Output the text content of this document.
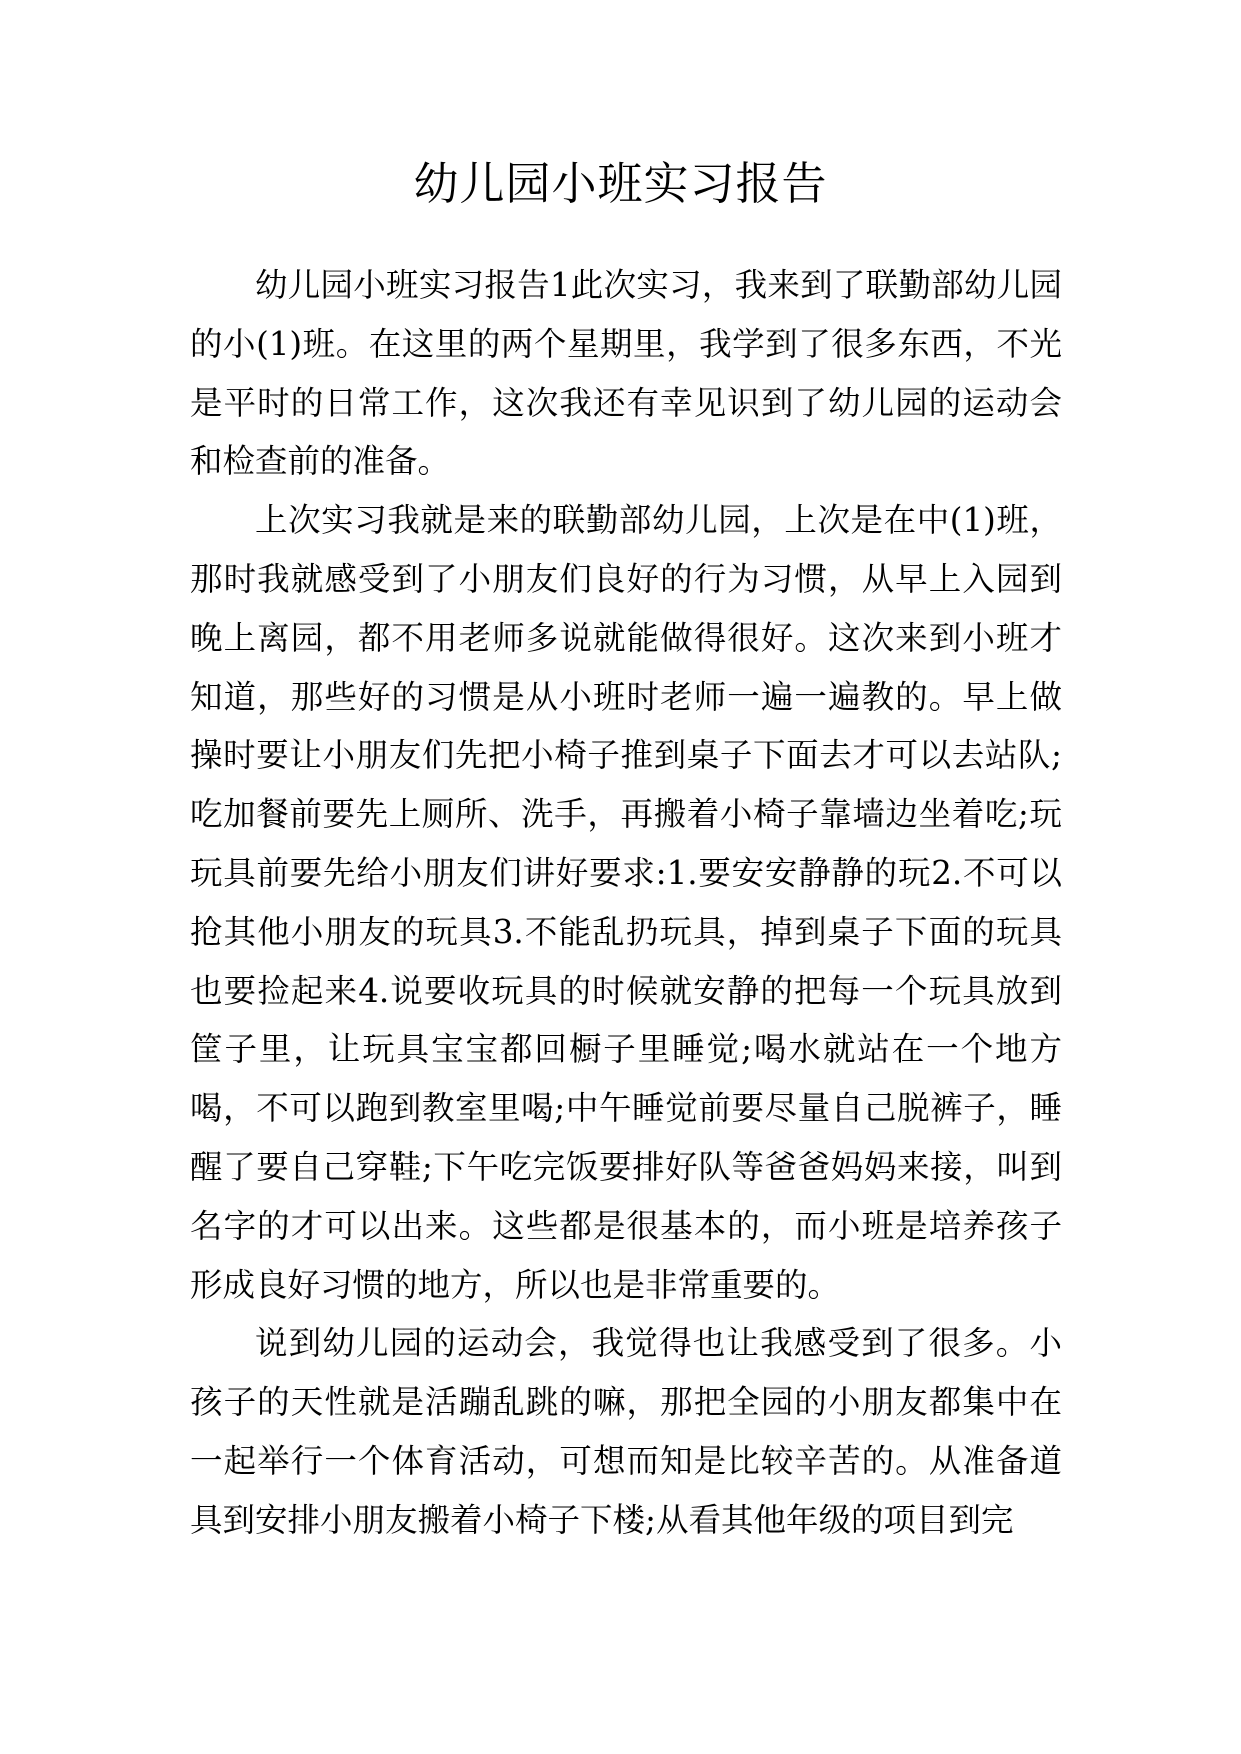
幼儿园小班实习报告

幼儿园小班实习报告1此次实习，我来到了联勤部幼儿园的小(1)班。在这里的两个星期里，我学到了很多东西，不光是平时的日常工作，这次我还有幸见识到了幼儿园的运动会和检查前的准备。

上次实习我就是来的联勤部幼儿园，上次是在中(1)班，那时我就感受到了小朋友们良好的行为习惯，从早上入园到晚上离园，都不用老师多说就能做得很好。这次来到小班才知道，那些好的习惯是从小班时老师一遍一遍教的。早上做操时要让小朋友们先把小椅子推到桌子下面去才可以去站队;吃加餐前要先上厕所、洗手，再搬着小椅子靠墙边坐着吃;玩玩具前要先给小朋友们讲好要求:1.要安安静静的玩2.不可以抢其他小朋友的玩具3.不能乱扔玩具，掉到桌子下面的玩具也要捡起来4.说要收玩具的时候就安静的把每一个玩具放到筐子里，让玩具宝宝都回橱子里睡觉;喝水就站在一个地方喝，不可以跑到教室里喝;中午睡觉前要尽量自己脱裤子，睡醒了要自己穿鞋;下午吃完饭要排好队等爸爸妈妈来接，叫到名字的才可以出来。这些都是很基本的，而小班是培养孩子形成良好习惯的地方，所以也是非常重要的。

说到幼儿园的运动会，我觉得也让我感受到了很多。小孩子的天性就是活蹦乱跳的嘛，那把全园的小朋友都集中在一起举行一个体育活动，可想而知是比较辛苦的。从准备道具到安排小朋友搬着小椅子下楼;从看其他年级的项目到完
